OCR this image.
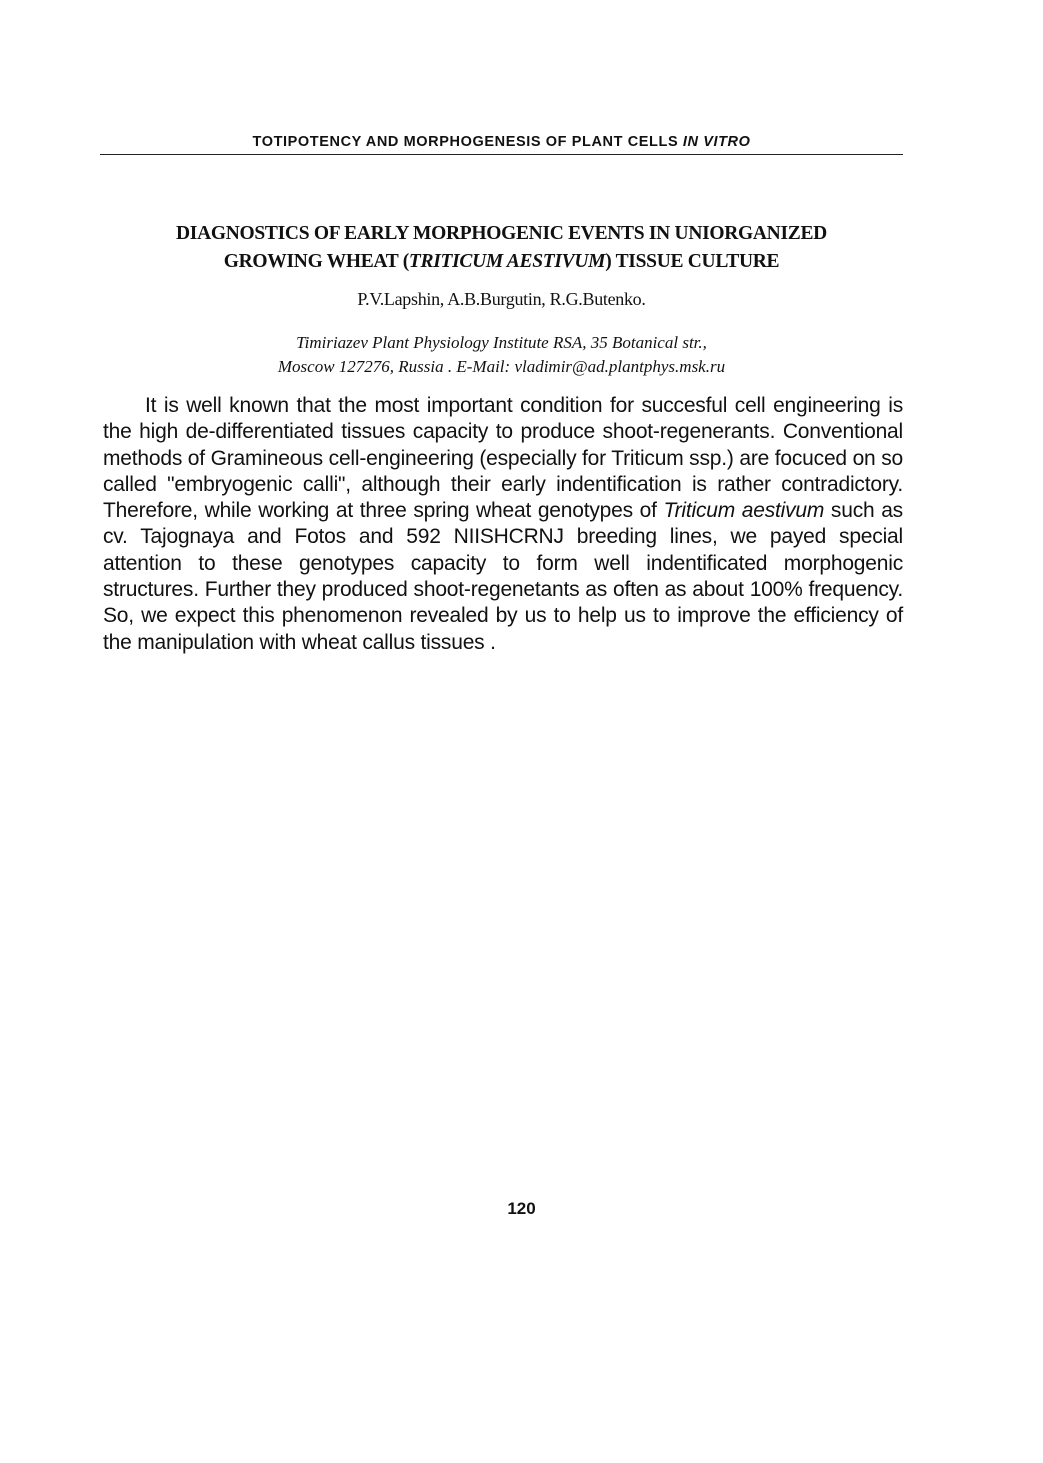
TOTIPOTENCY AND MORPHOGENESIS OF PLANT CELLS IN VITRO
DIAGNOSTICS OF EARLY MORPHOGENIC EVENTS IN UNIORGANIZED
GROWING WHEAT (TRITICUM AESTIVUM) TISSUE CULTURE
P.V.Lapshin, A.B.Burgutin, R.G.Butenko.
Timiriazev Plant Physiology Institute RSA, 35 Botanical str.,
Moscow 127276, Russia . E-Mail: vladimir@ad.plantphys.msk.ru

It is well known that the most important condition for succesful cell engineering is the high de-differentiated tissues capacity to produce shoot-regenerants. Conventional methods of Gramineous cell-engineering (especially for Triticum ssp.) are focuced on so called "embryogenic calli", although their early indentification is rather contradictory. Therefore, while working at three spring wheat genotypes of Triticum aestivum such as cv. Tajognaya and Fotos and 592 NIISHCRNJ breeding lines, we payed special attention to these genotypes capacity to form well indentificated morphogenic structures. Further they produced shoot-regenetants as often as about 100% frequency. So, we expect this phenomenon revealed by us to help us to improve the efficiency of the manipulation with wheat callus tissues .

120
